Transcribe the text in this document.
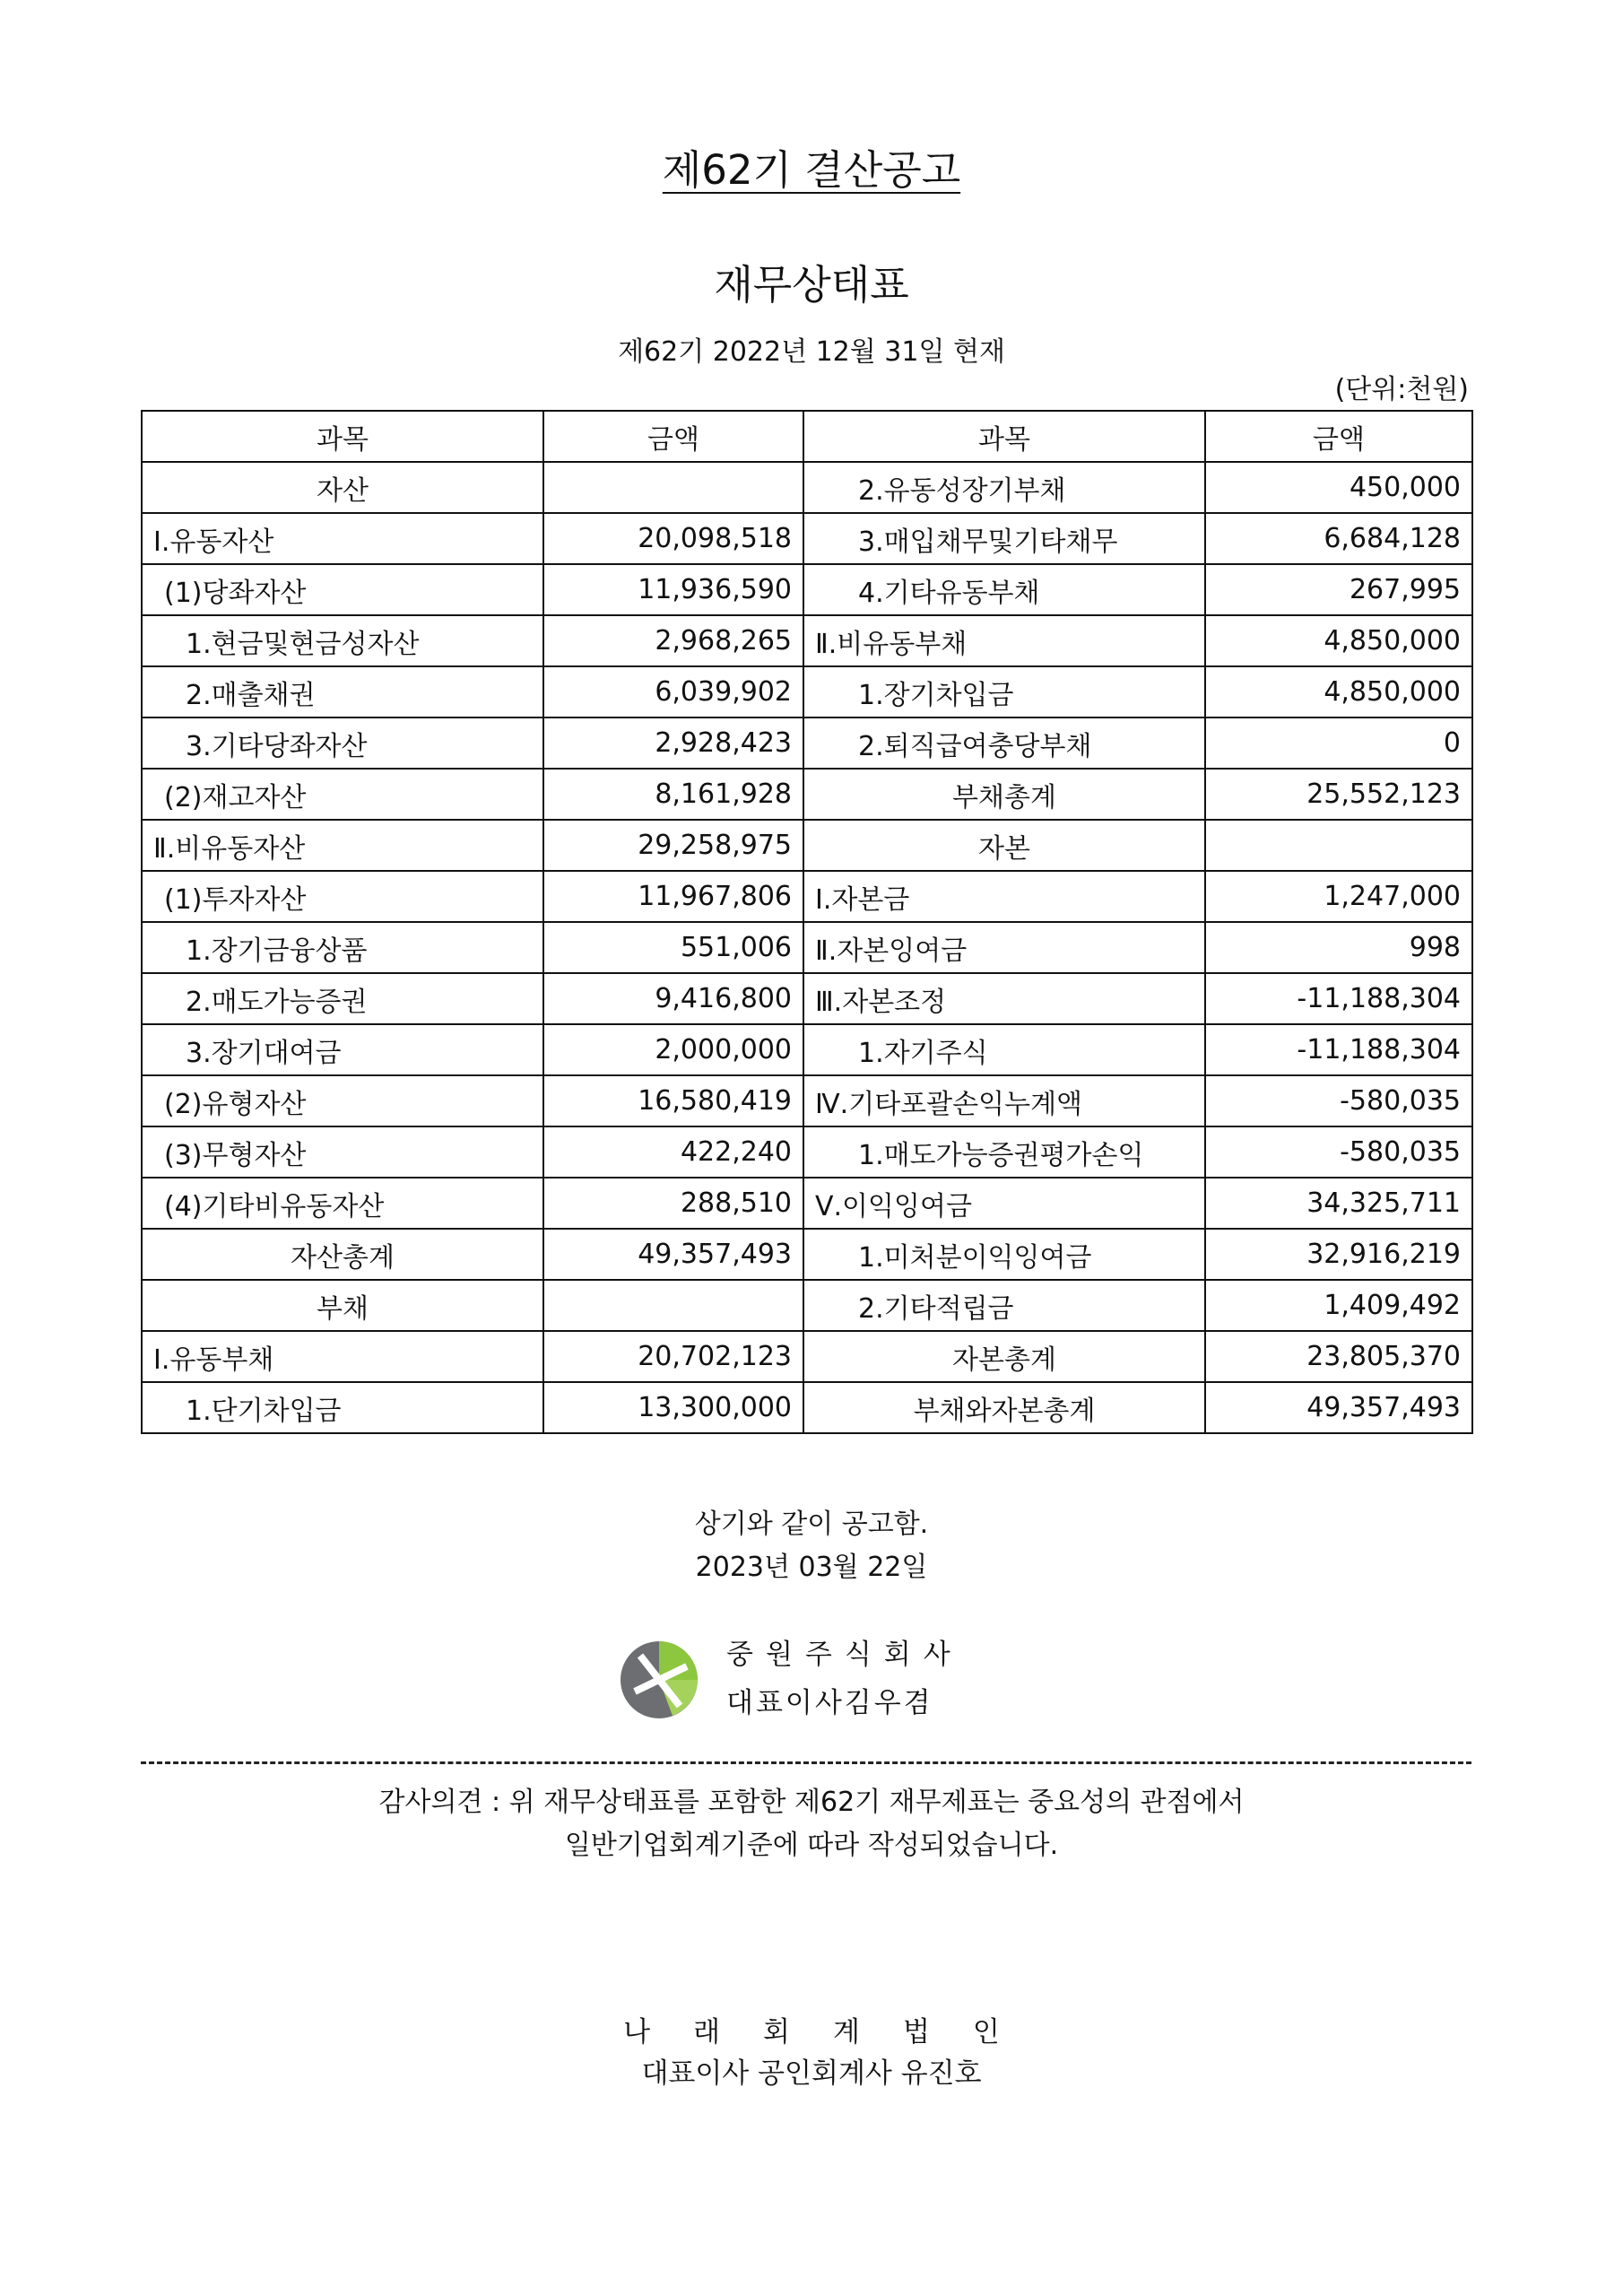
제62기 결산공고
재무상태표
제62기 2022년 12월 31일 현재
(단위:천원)
과목	금액	과목	금액
자산		2.유동성장기부채	450,000
Ⅰ.유동자산	20,098,518	3.매입채무및기타채무	6,684,128
(1)당좌자산	11,936,590	4.기타유동부채	267,995
1.현금및현금성자산	2,968,265	Ⅱ.비유동부채	4,850,000
2.매출채권	6,039,902	1.장기차입금	4,850,000
3.기타당좌자산	2,928,423	2.퇴직급여충당부채	0
(2)재고자산	8,161,928	부채총계	25,552,123
Ⅱ.비유동자산	29,258,975	자본	
(1)투자자산	11,967,806	Ⅰ.자본금	1,247,000
1.장기금융상품	551,006	Ⅱ.자본잉여금	998
2.매도가능증권	9,416,800	Ⅲ.자본조정	-11,188,304
3.장기대여금	2,000,000	1.자기주식	-11,188,304
(2)유형자산	16,580,419	Ⅳ.기타포괄손익누계액	-580,035
(3)무형자산	422,240	1.매도가능증권평가손익	-580,035
(4)기타비유동자산	288,510	Ⅴ.이익잉여금	34,325,711
자산총계	49,357,493	1.미처분이익잉여금	32,916,219
부채		2.기타적립금	1,409,492
Ⅰ.유동부채	20,702,123	자본총계	23,805,370
1.단기차입금	13,300,000	부채와자본총계	49,357,493
상기와 같이 공고함.
2023년 03월 22일
중원주식회사
대표이사김우겸
감사의견 : 위 재무상태표를 포함한 제62기 재무제표는 중요성의 관점에서
일반기업회계기준에 따라 작성되었습니다.
나래회계법인
대표이사 공인회계사 유진호
